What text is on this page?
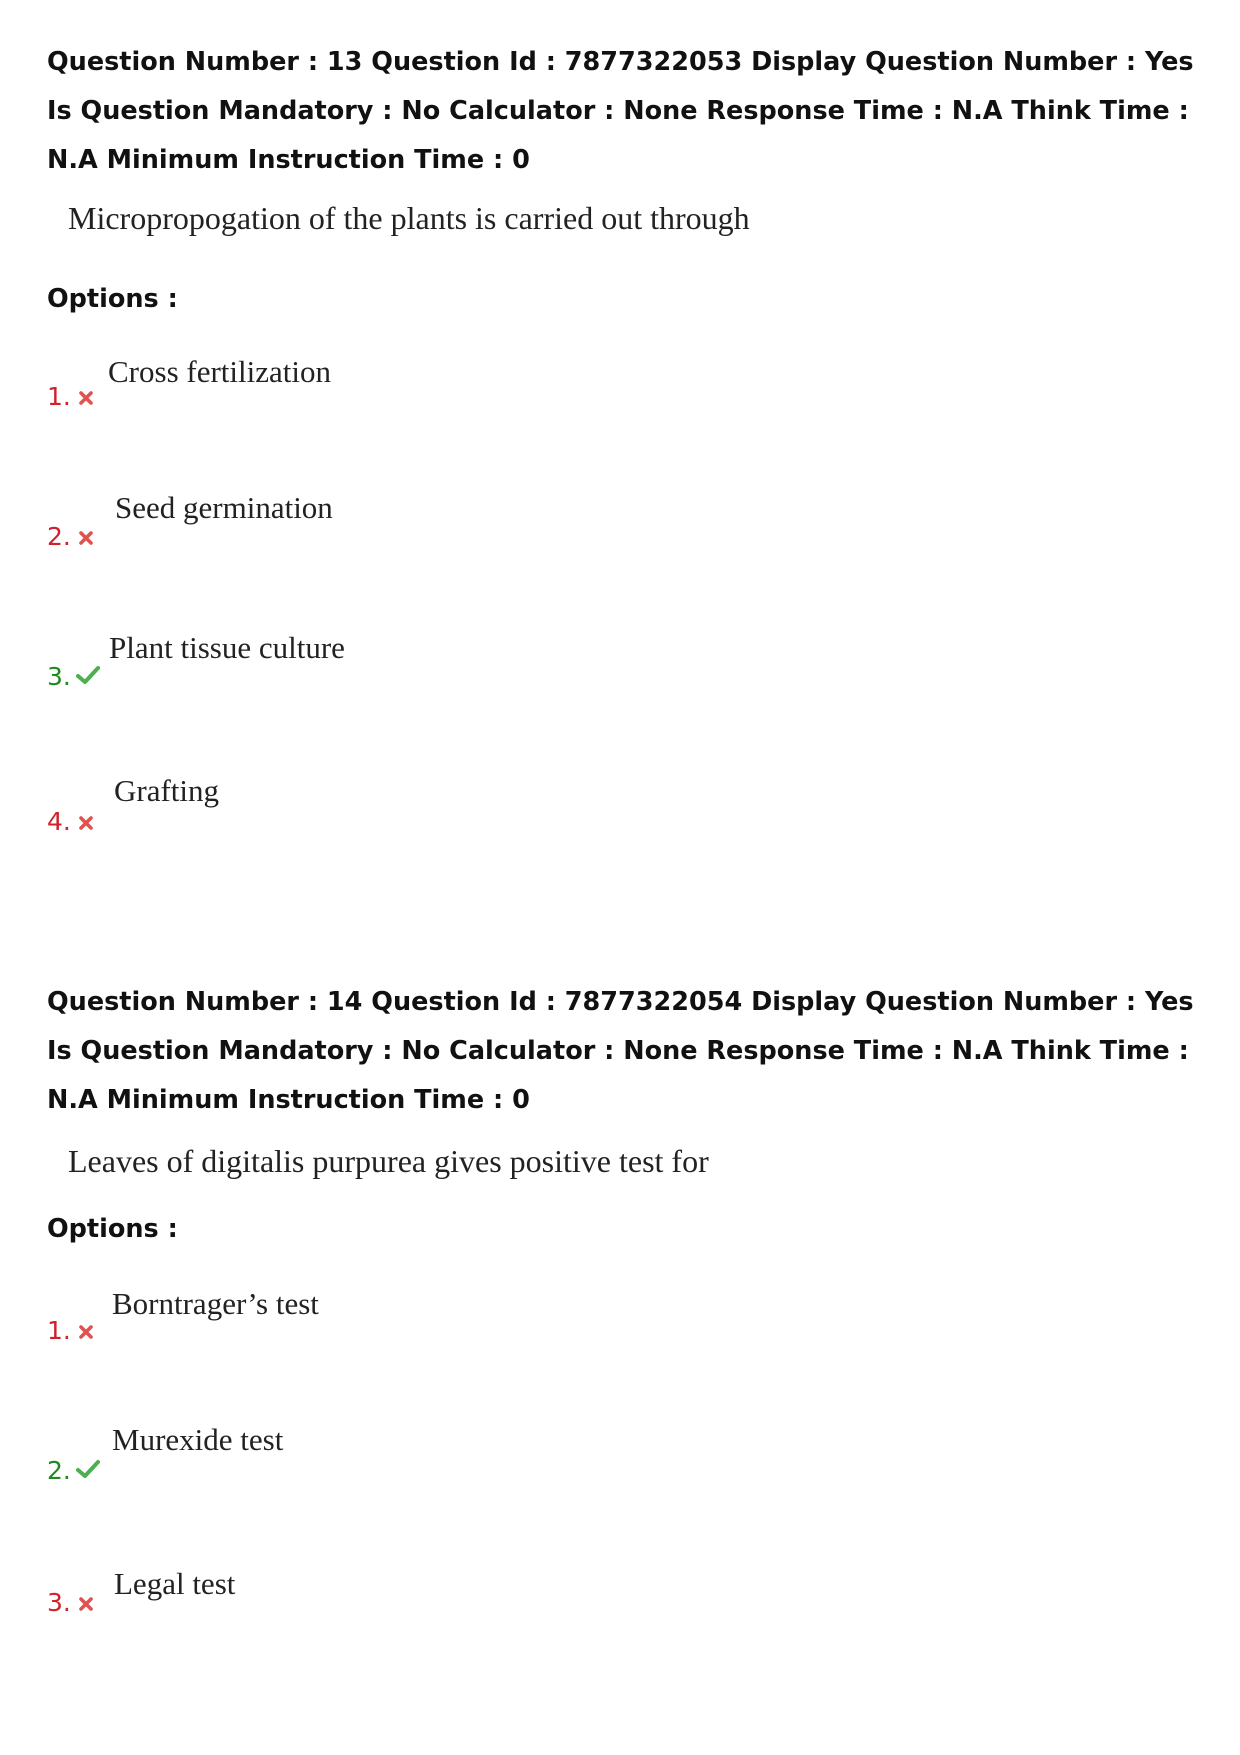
Question Number : 13 Question Id : 7877322053 Display Question Number : Yes Is Question Mandatory : No Calculator : None Response Time : N.A Think Time : N.A Minimum Instruction Time : 0
Micropropogation of the plants is carried out through
Options :
1.
Cross fertilization
2.
Seed germination
3.
Plant tissue culture
4.
Grafting
Question Number : 14 Question Id : 7877322054 Display Question Number : Yes Is Question Mandatory : No Calculator : None Response Time : N.A Think Time : N.A Minimum Instruction Time : 0
Leaves of digitalis purpurea gives positive test for
Options :
1.
Borntrager’s test
2.
Murexide test
3.
Legal test
